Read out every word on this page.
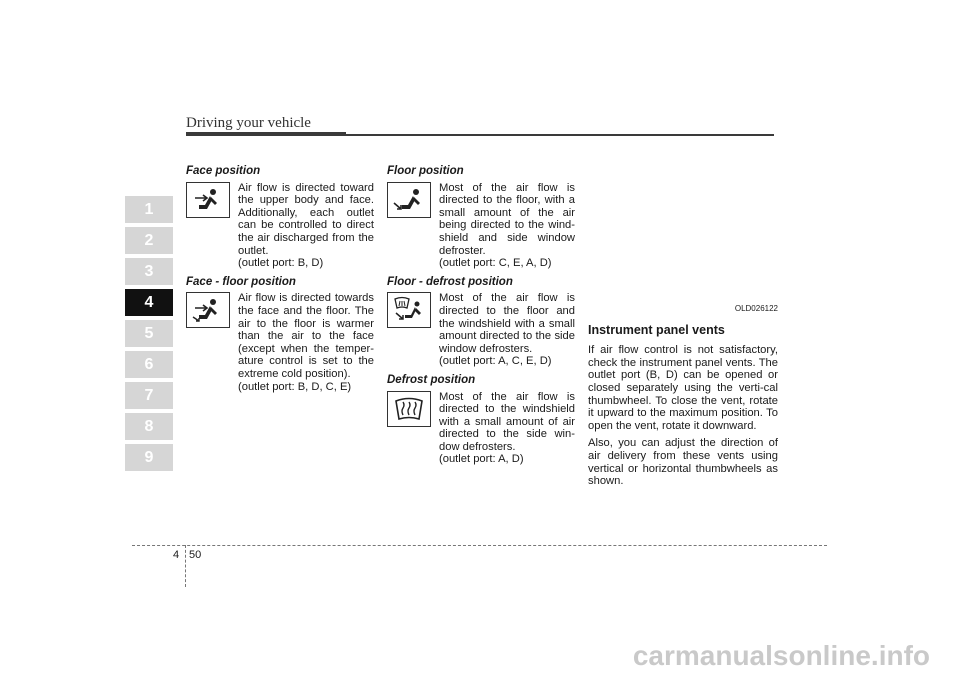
Driving your vehicle
1
2
3
4
5
6
7
8
9
Face position

Air flow is directed toward the upper body and face. Additionally, each outlet can be controlled to direct the air discharged from the outlet.

(outlet port: B, D)

Face - floor position

Air flow is directed towards the face and the floor. The air to the floor is warmer than the air to the face (except when the temper-ature control is set to the extreme cold position).

(outlet port: B, D, C, E)

Floor position

Most of the air flow is directed to the floor, with a small amount of the air being directed to the wind-shield and side window defroster.

(outlet port: C, E, A, D)

Floor - defrost position

Most of the air flow is directed to the floor and the windshield with a small amount directed to the side window defrosters.

(outlet port: A, C, E, D)

Defrost position

Most of the air flow is directed to the windshield with a small amount of air directed to the side win-dow defrosters.

(outlet port: A, D)

OLD026122
Instrument panel vents

If air flow control is not satisfactory, check the instrument panel vents. The outlet port (B, D) can be opened or closed separately using the verti-cal thumbwheel. To close the vent, rotate it upward to the maximum position. To open the vent, rotate it downward.

Also, you can adjust the direction of air delivery from these vents using vertical or horizontal thumbwheels as shown.

4 50
carmanualsonline.info
